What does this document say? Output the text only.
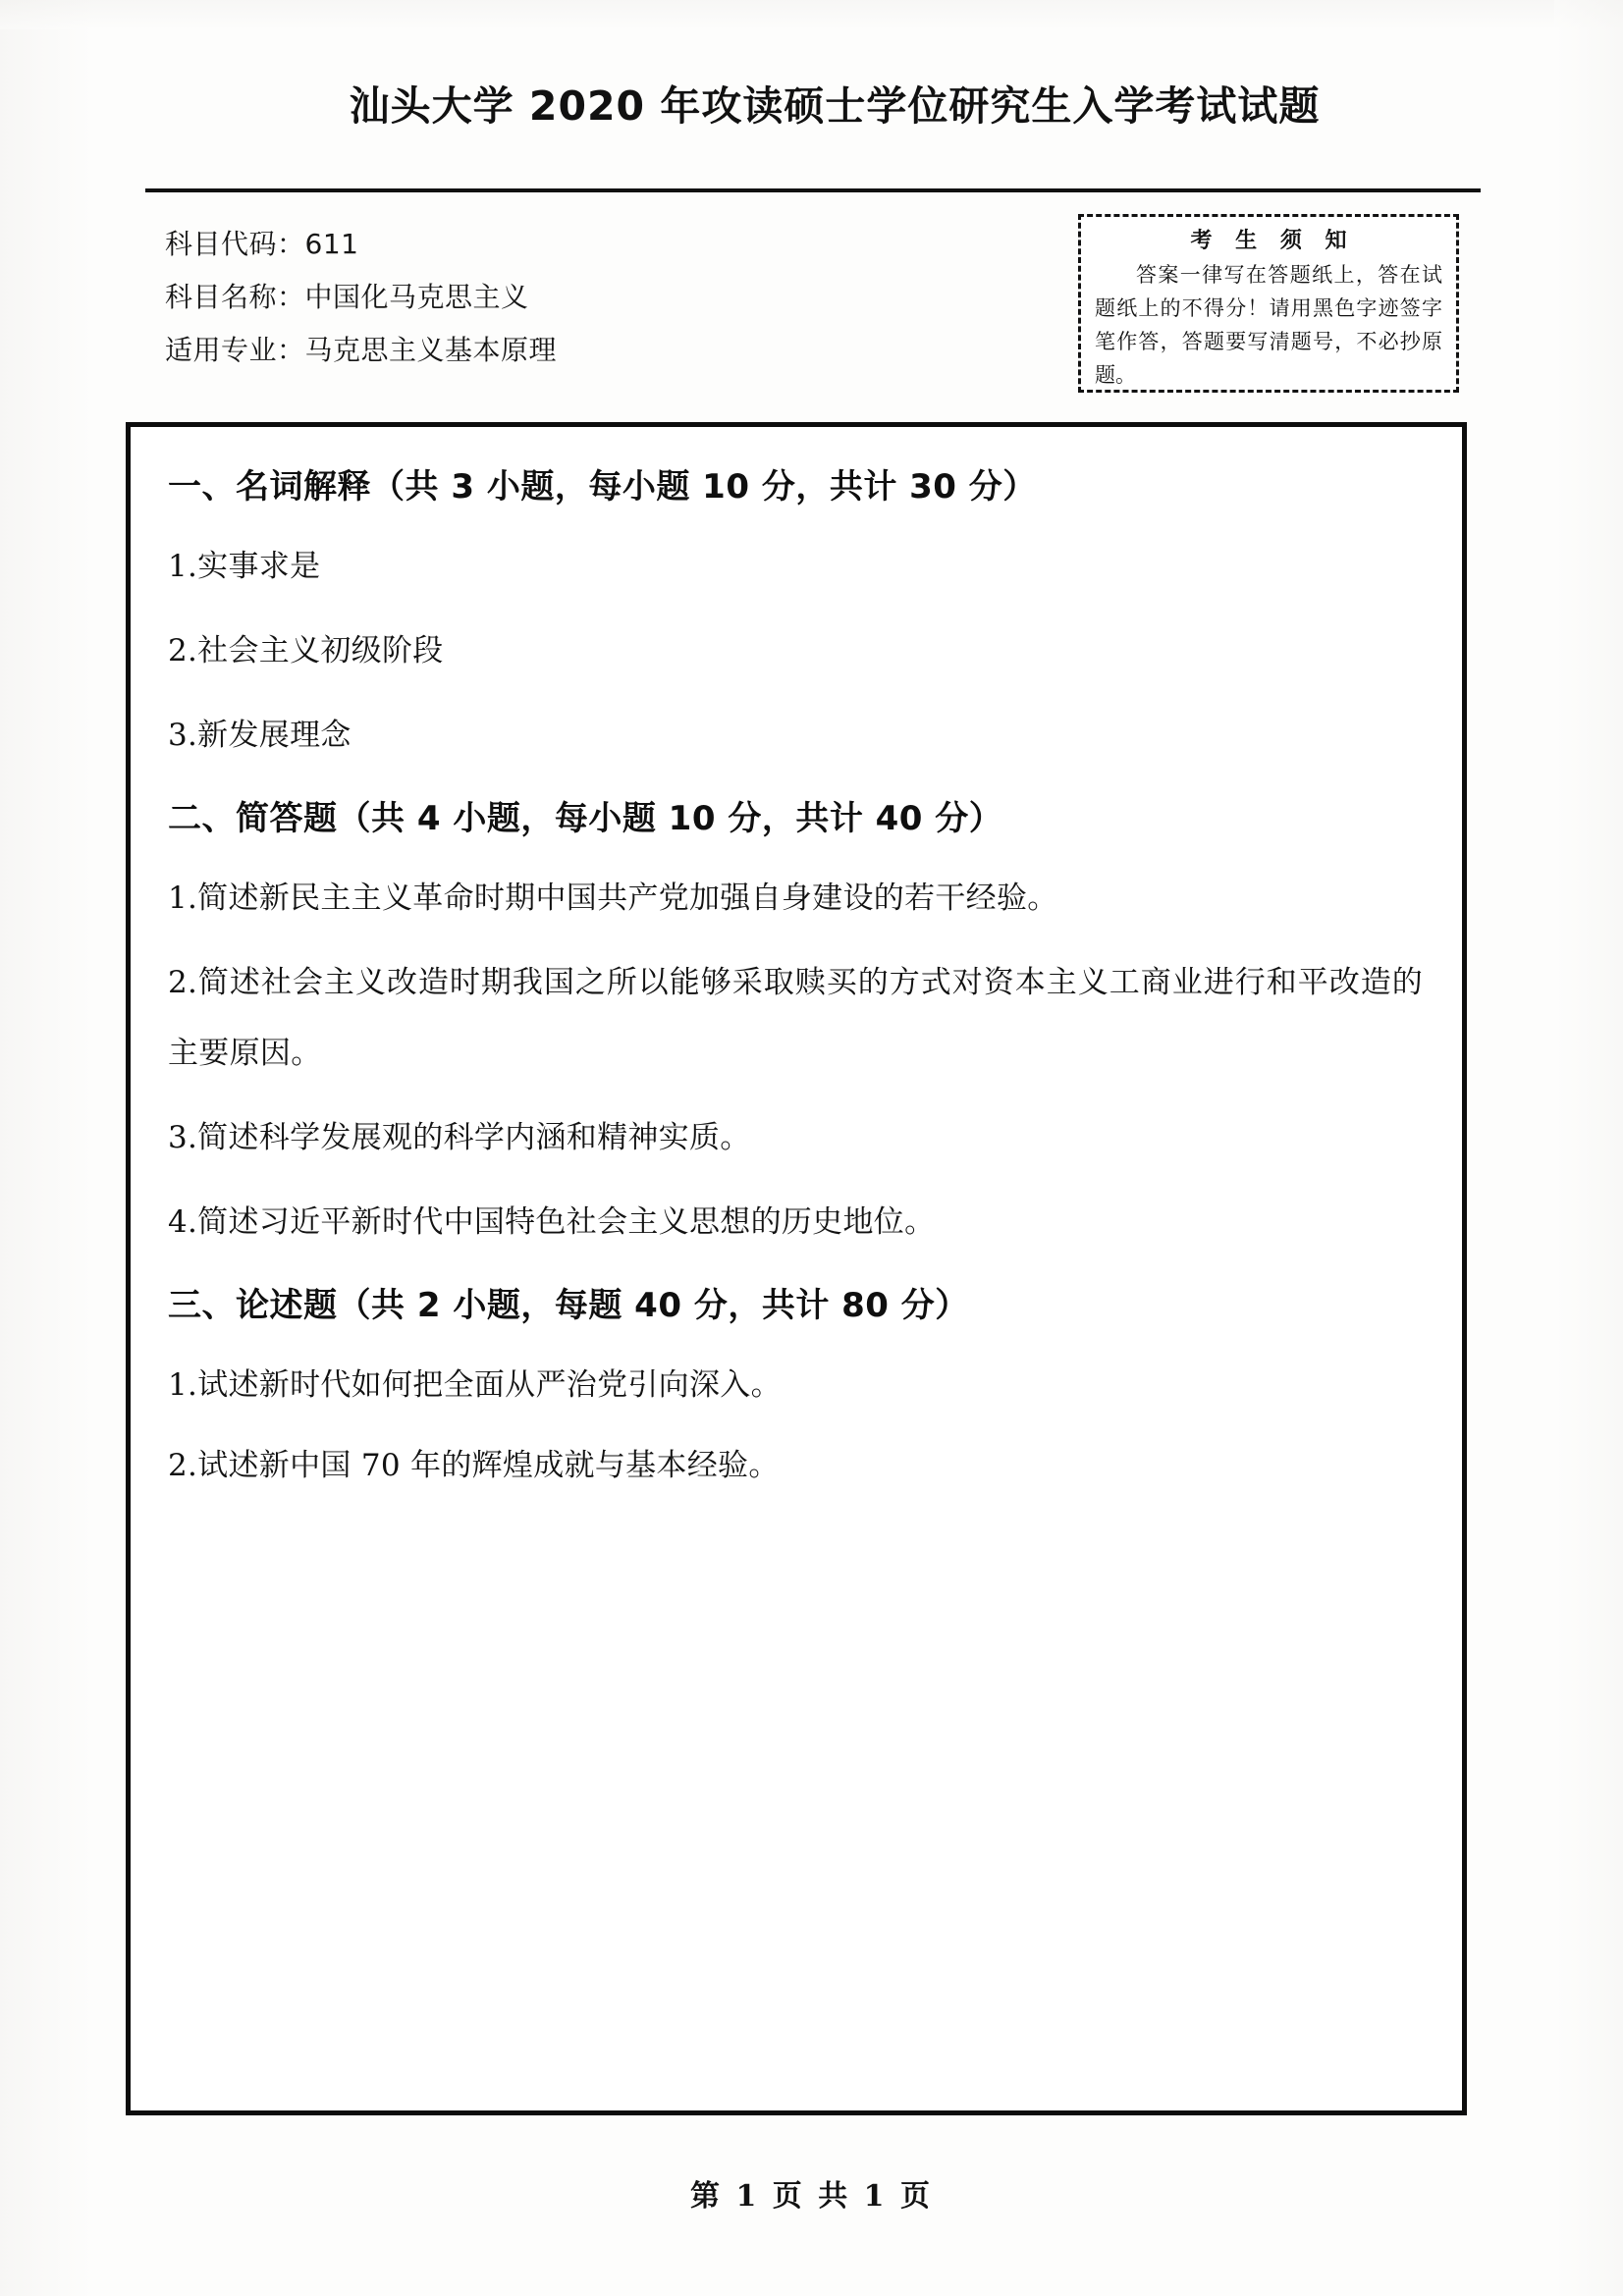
汕头大学 2020 年攻读硕士学位研究生入学考试试题
科目代码：611
科目名称：中国化马克思主义
适用专业：马克思主义基本原理
考 生 须 知
答案一律写在答题纸上，答在试题纸上的不得分！请用黑色字迹签字笔作答，答题要写清题号，不必抄原题。
一、名词解释（共 3 小题，每小题 10 分，共计 30 分）
1.实事求是
2.社会主义初级阶段
3.新发展理念
二、简答题（共 4 小题，每小题 10 分，共计 40 分）
1.简述新民主主义革命时期中国共产党加强自身建设的若干经验。
2.简述社会主义改造时期我国之所以能够采取赎买的方式对资本主义工商业进行和平改造的主要原因。
3.简述科学发展观的科学内涵和精神实质。
4.简述习近平新时代中国特色社会主义思想的历史地位。
三、论述题（共 2 小题，每题 40 分，共计 80 分）
1.试述新时代如何把全面从严治党引向深入。
2.试述新中国 70 年的辉煌成就与基本经验。
第 1 页 共 1 页
